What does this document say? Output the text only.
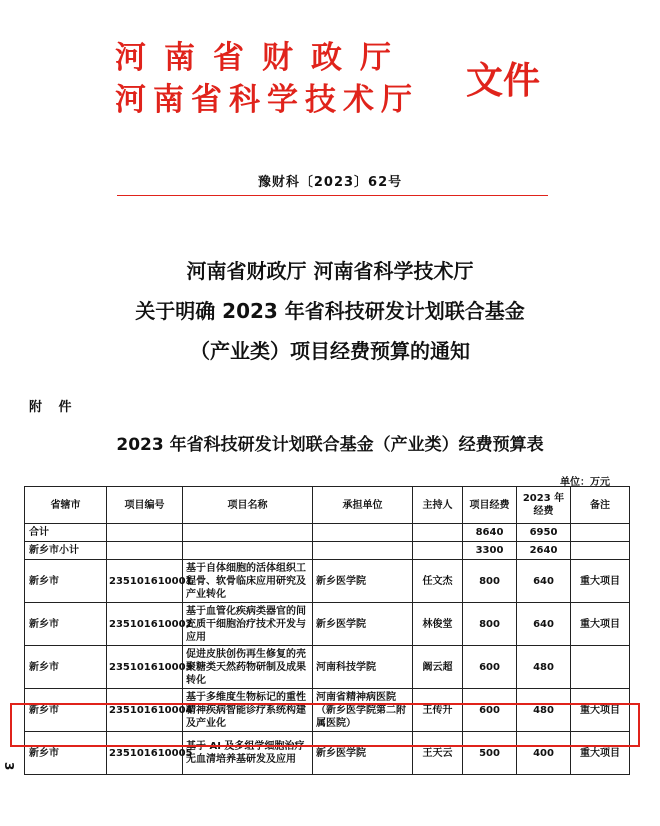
河南省财政厅
河南省科学技术厅 文件
豫财科〔2023〕62号
河南省财政厅 河南省科学技术厅
关于明确 2023 年省科技研发计划联合基金
（产业类）项目经费预算的通知
附 件
2023 年省科技研发计划联合基金（产业类）经费预算表
单位：万元
省辖市	项目编号	项目名称	承担单位	主持人	项目经费	2023 年经费	备注
合计					8640	6950	
新乡市小计					3300	2640	
新乡市	235101610001	基于自体细胞的活体组织工程骨、软骨临床应用研究及产业转化	新乡医学院	任文杰	800	640	重大项目
新乡市	235101610002	基于血管化疾病类器官的间充质干细胞治疗技术开发与应用	新乡医学院	林俊堂	800	640	重大项目
新乡市	235101610003	促进皮肤创伤再生修复的壳聚糖类天然药物研制及成果转化	河南科技学院	阚云超	600	480	
新乡市	235101610004	基于多维度生物标记的重性精神疾病智能诊疗系统构建及产业化	河南省精神病医院（新乡医学院第二附属医院）	王传升	600	480	重大项目
新乡市	235101610005	基于 AI 及多组学细胞治疗无血清培养基研发及应用	新乡医学院	王天云	500	400	重大项目
3
